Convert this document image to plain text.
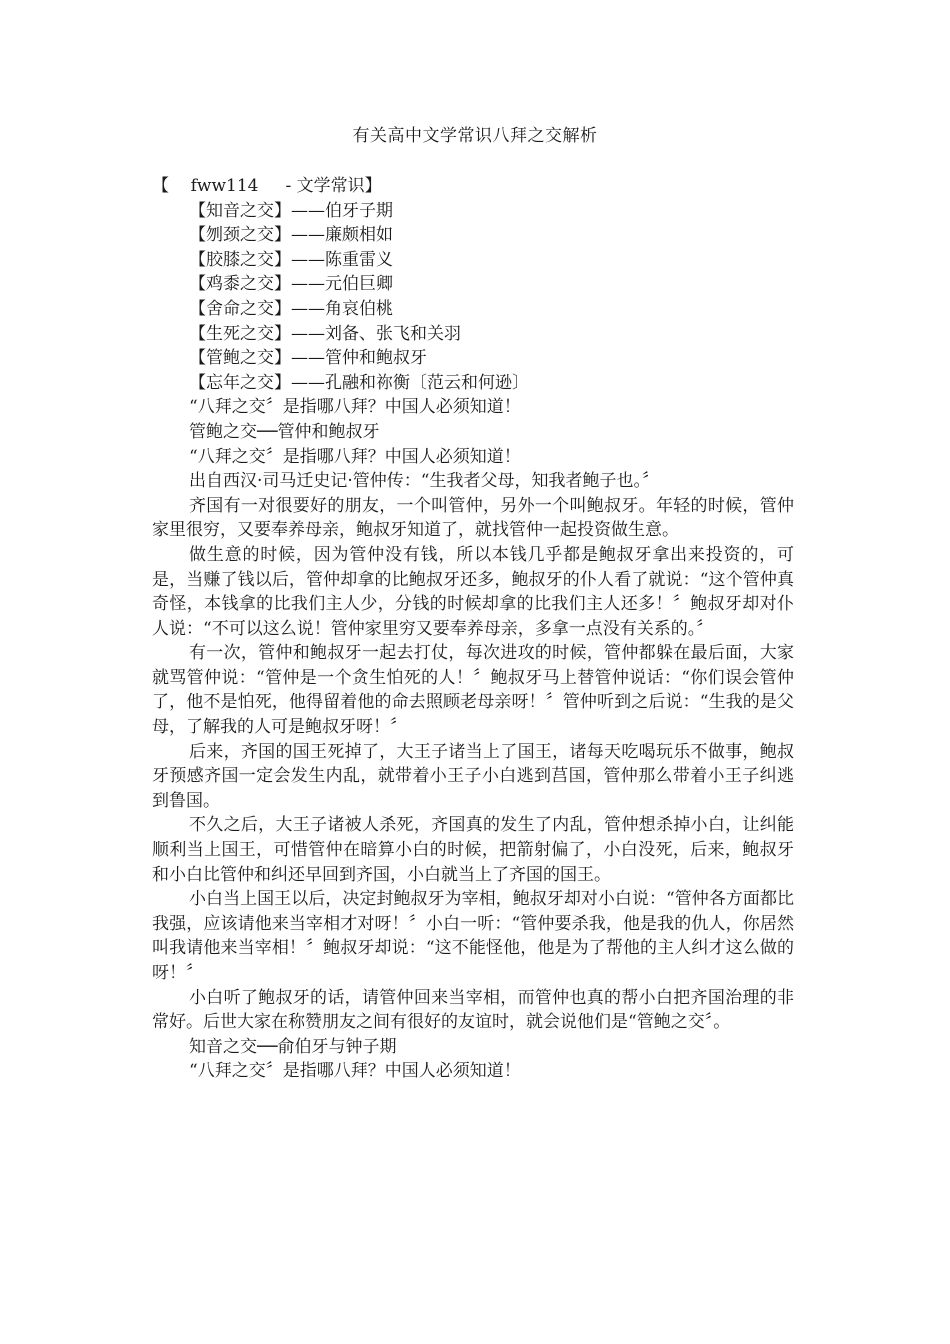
有关高中文学常识八拜之交解析

【    fww114     - 文学常识】

【知音之交】——伯牙子期

【刎颈之交】——廉颇相如

【胶膝之交】——陈重雷义

【鸡黍之交】——元伯巨卿

【舍命之交】——角哀伯桃

【生死之交】——刘备、张飞和关羽

【管鲍之交】——管仲和鲍叔牙

【忘年之交】——孔融和祢衡〔范云和何逊〕

“八拜之交〞是指哪八拜？中国人必须知道！

管鲍之交──管仲和鲍叔牙

“八拜之交〞是指哪八拜？中国人必须知道！

出自西汉·司马迁史记·管仲传：“生我者父母，知我者鲍子也。〞

齐国有一对很要好的朋友，一个叫管仲，另外一个叫鲍叔牙。年轻的时候，管仲家里很穷，又要奉养母亲，鲍叔牙知道了，就找管仲一起投资做生意。

做生意的时候，因为管仲没有钱，所以本钱几乎都是鲍叔牙拿出来投资的，可是，当赚了钱以后，管仲却拿的比鲍叔牙还多，鲍叔牙的仆人看了就说：“这个管仲真奇怪，本钱拿的比我们主人少，分钱的时候却拿的比我们主人还多！〞鲍叔牙却对仆人说：“不可以这么说！管仲家里穷又要奉养母亲，多拿一点没有关系的。〞

有一次，管仲和鲍叔牙一起去打仗，每次进攻的时候，管仲都躲在最后面，大家就骂管仲说：“管仲是一个贪生怕死的人！〞鲍叔牙马上替管仲说话：“你们误会管仲了，他不是怕死，他得留着他的命去照顾老母亲呀！〞管仲听到之后说：“生我的是父母，了解我的人可是鲍叔牙呀！〞

后来，齐国的国王死掉了，大王子诸当上了国王，诸每天吃喝玩乐不做事，鲍叔牙预感齐国一定会发生内乱，就带着小王子小白逃到莒国，管仲那么带着小王子纠逃到鲁国。

不久之后，大王子诸被人杀死，齐国真的发生了内乱，管仲想杀掉小白，让纠能顺利当上国王，可惜管仲在暗算小白的时候，把箭射偏了，小白没死，后来，鲍叔牙和小白比管仲和纠还早回到齐国，小白就当上了齐国的国王。

小白当上国王以后，决定封鲍叔牙为宰相，鲍叔牙却对小白说：“管仲各方面都比我强，应该请他来当宰相才对呀！〞小白一听：“管仲要杀我，他是我的仇人，你居然叫我请他来当宰相！〞鲍叔牙却说：“这不能怪他，他是为了帮他的主人纠才这么做的呀！〞

小白听了鲍叔牙的话，请管仲回来当宰相，而管仲也真的帮小白把齐国治理的非常好。后世大家在称赞朋友之间有很好的友谊时，就会说他们是“管鲍之交〞。

知音之交──俞伯牙与钟子期

“八拜之交〞是指哪八拜？中国人必须知道！
